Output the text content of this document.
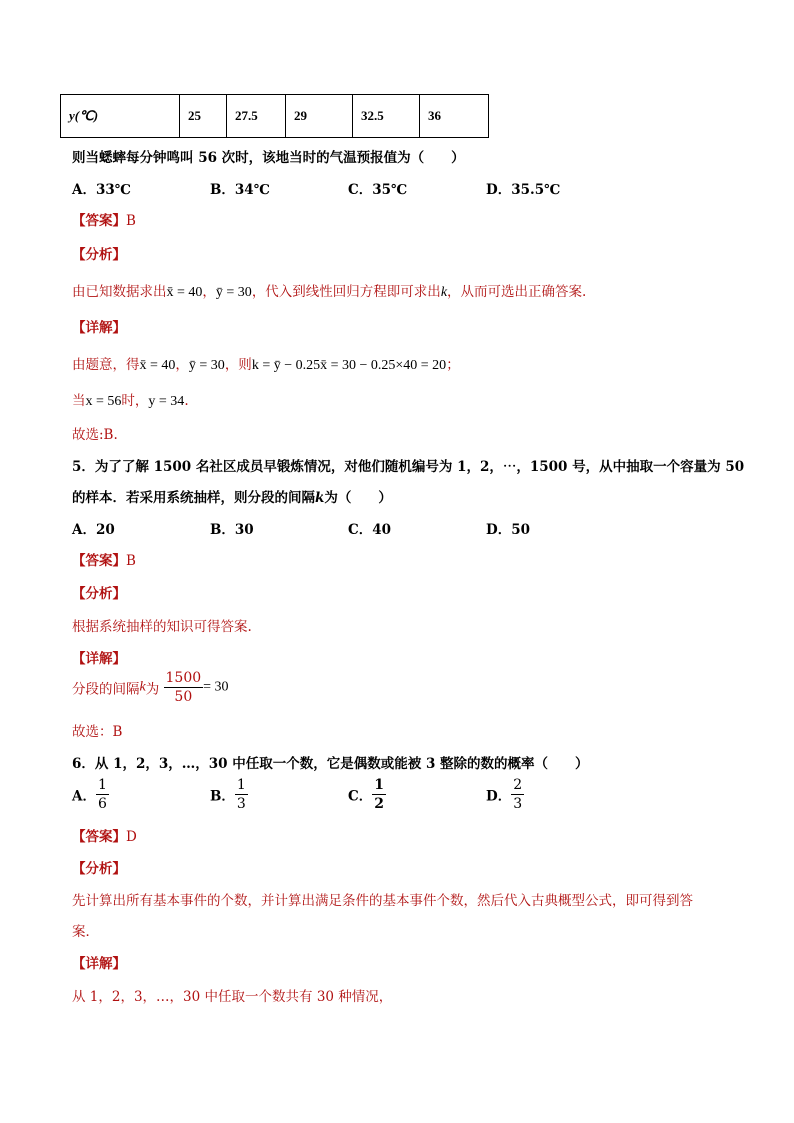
y(℃)	25	27.5	29	32.5	36
则当蟋蟀每分钟鸣叫 56 次时，该地当时的气温预报值为（　　）
A．33℃	B．34℃	C．35℃	D．35.5℃
【答案】B
【分析】
由已知数据求出x̄ = 40，ȳ = 30，代入到线性回归方程即可求出k，从而可选出正确答案.
【详解】
由题意，得x̄ = 40，ȳ = 30，则k = ȳ − 0.25x̄ = 30 − 0.25×40 = 20；
当x = 56时，y = 34.
故选:B.
5．为了了解 1500 名社区成员早锻炼情况，对他们随机编号为 1，2，⋯，1500 号，从中抽取一个容量为 50
的样本．若采用系统抽样，则分段的间隔k为（　　）
A．20	B．30	C．40	D．50
【答案】B
【分析】
根据系统抽样的知识可得答案.
【详解】
分段的间隔k为 $\frac{1500}{50} = 30$
故选：B
6．从 1，2，3，…，30 中任取一个数，它是偶数或能被 3 整除的数的概率（　　）
A． $\frac{1}{6}$	B． $\frac{1}{3}$	C． $\frac{1}{2}$	D． $\frac{2}{3}$
【答案】D
【分析】
先计算出所有基本事件的个数，并计算出满足条件的基本事件个数，然后代入古典概型公式，即可得到答
案．
【详解】
从 1，2，3，…，30 中任取一个数共有 30 种情况，
